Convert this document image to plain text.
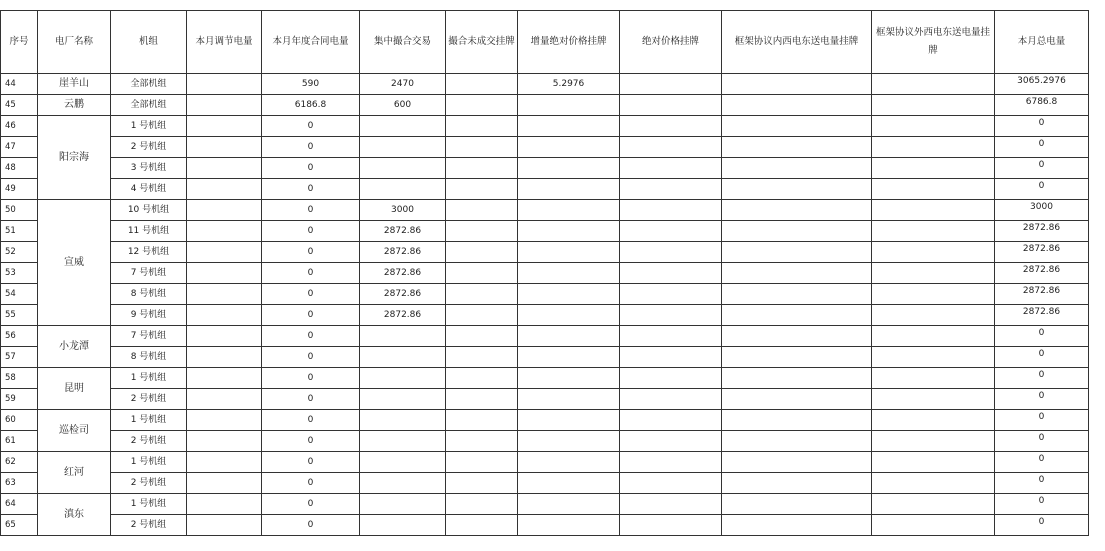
序号	电厂名称	机组	本月调节电量	本月年度合同电量	集中撮合交易	撮合未成交挂牌	增量绝对价格挂牌	绝对价格挂牌	框架协议内西电东送电量挂牌	框架协议外西电东送电量挂牌	本月总电量
44	崖羊山	全部机组		590	2470		5.2976				3065.2976
45	云鹏	全部机组		6186.8	600						6786.8
46	阳宗海	1 号机组		0							0
47		2 号机组		0							0
48		3 号机组		0							0
49		4 号机组		0							0
50	宣威	10 号机组		0	3000						3000
51		11 号机组		0	2872.86						2872.86
52		12 号机组		0	2872.86						2872.86
53		7 号机组		0	2872.86						2872.86
54		8 号机组		0	2872.86						2872.86
55		9 号机组		0	2872.86						2872.86
56	小龙潭	7 号机组		0							0
57		8 号机组		0							0
58	昆明	1 号机组		0							0
59		2 号机组		0							0
60	巡检司	1 号机组		0							0
61		2 号机组		0							0
62	红河	1 号机组		0							0
63		2 号机组		0							0
64	滇东	1 号机组		0							0
65		2 号机组		0							0
